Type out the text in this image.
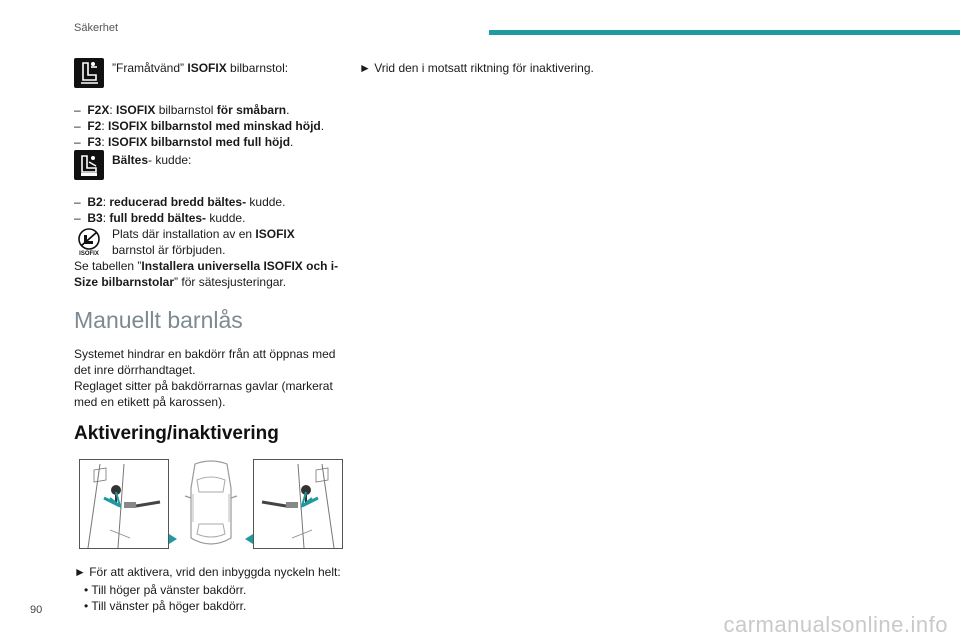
Säkerhet
”Framåtvänd” ISOFIX bilbarnstol:
–  F2X: ISOFIX bilbarnstol för småbarn.
–  F2: ISOFIX bilbarnstol med minskad höjd.
–  F3: ISOFIX bilbarnstol med full höjd.
Bältes- kudde:
–  B2: reducerad bredd bältes- kudde.
–  B3: full bredd bältes- kudde.
ISOFIX
Plats där installation av en ISOFIX
barnstol är förbjuden.

Se tabellen ”Installera universella ISOFIX och i-Size bilbarnstolar” för sätesjusteringar.

Manuellt barnlås

Systemet hindrar en bakdörr från att öppnas med det inre dörrhandtaget.

Reglaget sitter på bakdörrarnas gavlar (markerat med en etikett på karossen).

Aktivering/inaktivering

► För att aktivera, vrid den inbyggda nyckeln helt:

• Till höger på vänster bakdörr.
• Till vänster på höger bakdörr.

► Vrid den i motsatt riktning för inaktivering.

90
carmanualsonline.info
